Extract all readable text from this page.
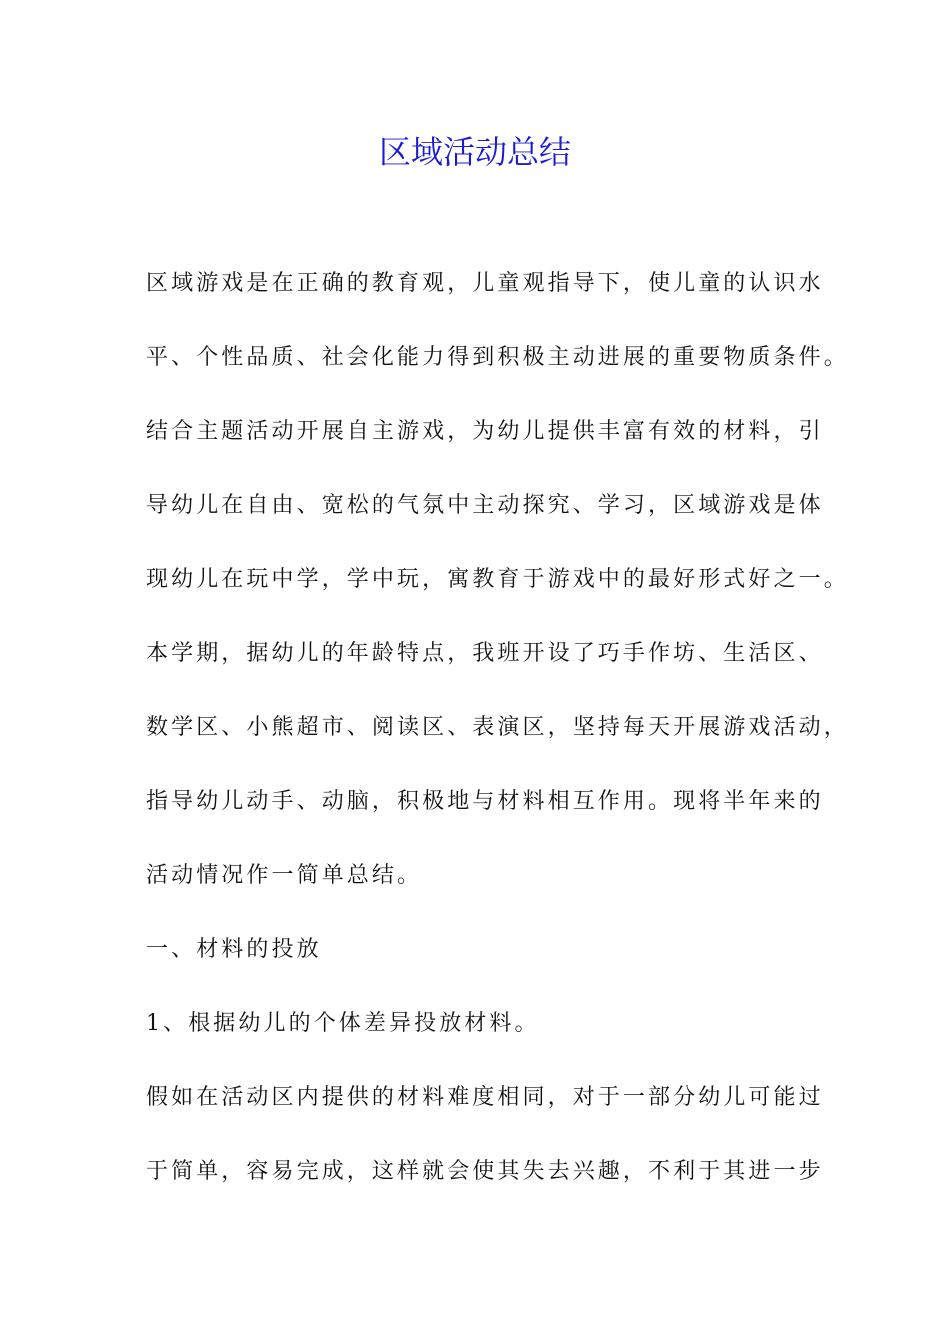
区域活动总结

区域游戏是在正确的教育观，儿童观指导下，使儿童的认识水

平、个性品质、社会化能力得到积极主动进展的重要物质条件。

结合主题活动开展自主游戏，为幼儿提供丰富有效的材料，引

导幼儿在自由、宽松的气氛中主动探究、学习，区域游戏是体

现幼儿在玩中学，学中玩，寓教育于游戏中的最好形式好之一。

本学期，据幼儿的年龄特点，我班开设了巧手作坊、生活区、

数学区、小熊超市、阅读区、表演区，坚持每天开展游戏活动，

指导幼儿动手、动脑，积极地与材料相互作用。现将半年来的

活动情况作一简单总结。

一、材料的投放

1、根据幼儿的个体差异投放材料。

假如在活动区内提供的材料难度相同，对于一部分幼儿可能过

于简单，容易完成，这样就会使其失去兴趣，不利于其进一步
